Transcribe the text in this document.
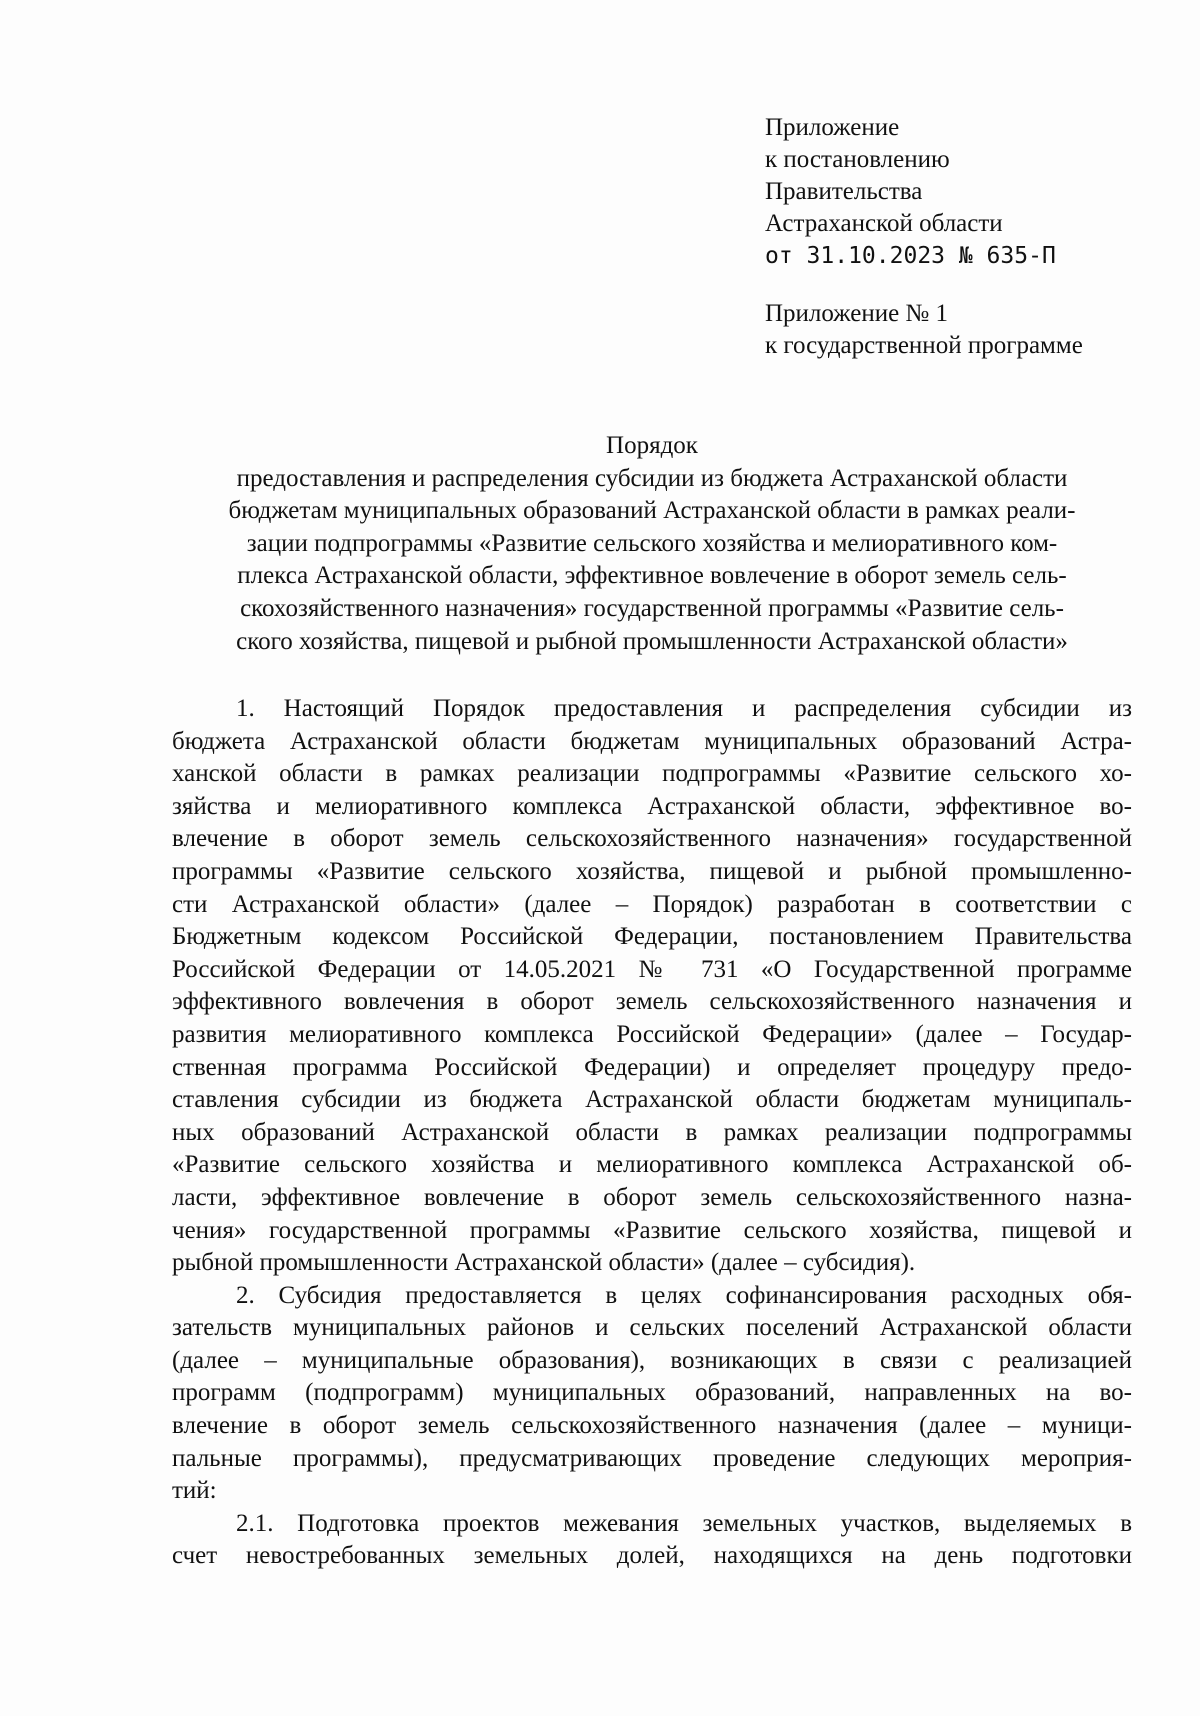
Приложение
к постановлению
Правительства
Астраханской области
от 31.10.2023 № 635-П
Приложение № 1
к государственной программе
Порядок
предоставления и распределения субсидии из бюджета Астраханской области
бюджетам муниципальных образований Астраханской области в рамках реали-
зации подпрограммы «Развитие сельского хозяйства и мелиоративного ком-
плекса Астраханской области, эффективное вовлечение в оборот земель сель-
скохозяйственного назначения» государственной программы «Развитие сель-
ского хозяйства, пищевой и рыбной промышленности Астраханской области»
1. Настоящий Порядок предоставления и распределения субсидии из
бюджета Астраханской области бюджетам муниципальных образований Астра-
ханской области в рамках реализации подпрограммы «Развитие сельского хо-
зяйства и мелиоративного комплекса Астраханской области, эффективное во-
влечение в оборот земель сельскохозяйственного назначения» государственной
программы «Развитие сельского хозяйства, пищевой и рыбной промышленно-
сти Астраханской области» (далее – Порядок) разработан в соответствии с
Бюджетным кодексом Российской Федерации, постановлением Правительства
Российской Федерации от 14.05.2021 № 731 «О Государственной программе
эффективного вовлечения в оборот земель сельскохозяйственного назначения и
развития мелиоративного комплекса Российской Федерации» (далее – Государ-
ственная программа Российской Федерации) и определяет процедуру предо-
ставления субсидии из бюджета Астраханской области бюджетам муниципаль-
ных образований Астраханской области в рамках реализации подпрограммы
«Развитие сельского хозяйства и мелиоративного комплекса Астраханской об-
ласти, эффективное вовлечение в оборот земель сельскохозяйственного назна-
чения» государственной программы «Развитие сельского хозяйства, пищевой и
рыбной промышленности Астраханской области» (далее – субсидия).
2. Субсидия предоставляется в целях софинансирования расходных обя-
зательств муниципальных районов и сельских поселений Астраханской области
(далее – муниципальные образования), возникающих в связи с реализацией
программ (подпрограмм) муниципальных образований, направленных на во-
влечение в оборот земель сельскохозяйственного назначения (далее – муници-
пальные программы), предусматривающих проведение следующих мероприя-
тий:
2.1. Подготовка проектов межевания земельных участков, выделяемых в
счет невостребованных земельных долей, находящихся на день подготовки
